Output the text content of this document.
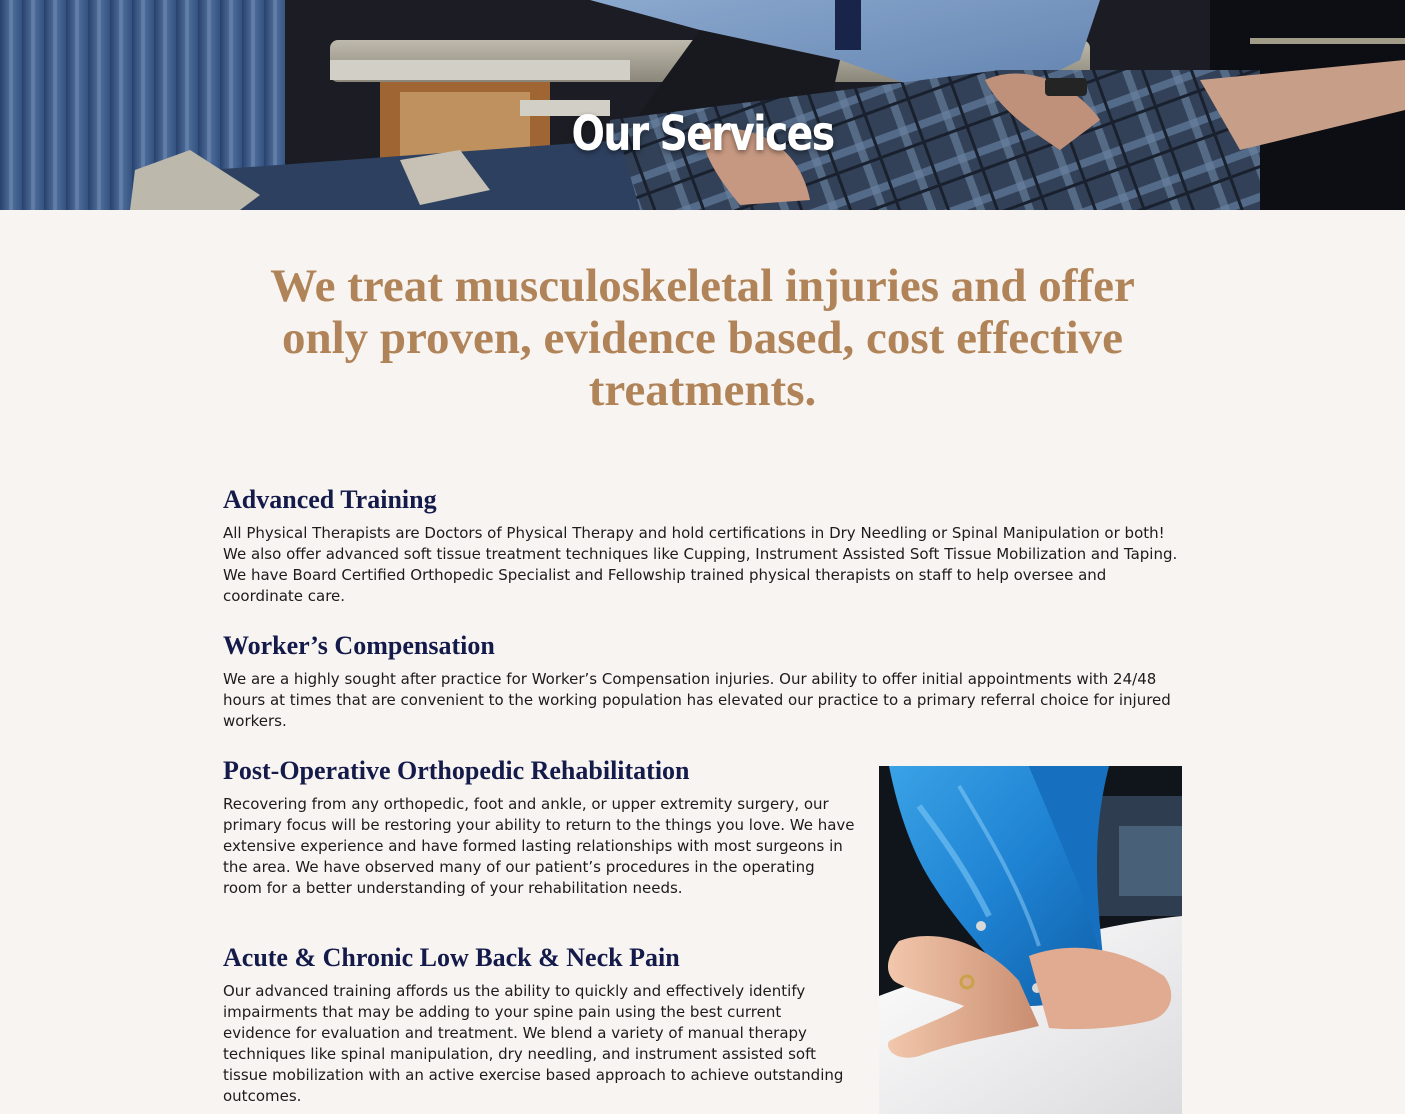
Our Services
We treat musculoskeletal injuries and offer only proven, evidence based, cost effective treatments.
Advanced Training

All Physical Therapists are Doctors of Physical Therapy and hold certifications in Dry Needling or Spinal Manipulation or both! We also offer advanced soft tissue treatment techniques like Cupping, Instrument Assisted Soft Tissue Mobilization and Taping. We have Board Certified Orthopedic Specialist and Fellowship trained physical therapists on staff to help oversee and coordinate care.

Worker’s Compensation

We are a highly sought after practice for Worker’s Compensation injuries. Our ability to offer initial appointments with 24/48 hours at times that are convenient to the working population has elevated our practice to a primary referral choice for injured workers.

Post-Operative Orthopedic Rehabilitation

Recovering from any orthopedic, foot and ankle, or upper extremity surgery, our primary focus will be restoring your ability to return to the things you love. We have extensive experience and have formed lasting relationships with most surgeons in the area. We have observed many of our patient’s procedures in the operating room for a better understanding of your rehabilitation needs.

Acute & Chronic Low Back & Neck Pain

Our advanced training affords us the ability to quickly and effectively identify impairments that may be adding to your spine pain using the best current evidence for evaluation and treatment. We blend a variety of manual therapy techniques like spinal manipulation, dry needling, and instrument assisted soft tissue mobilization with an active exercise based approach to achieve outstanding outcomes.
